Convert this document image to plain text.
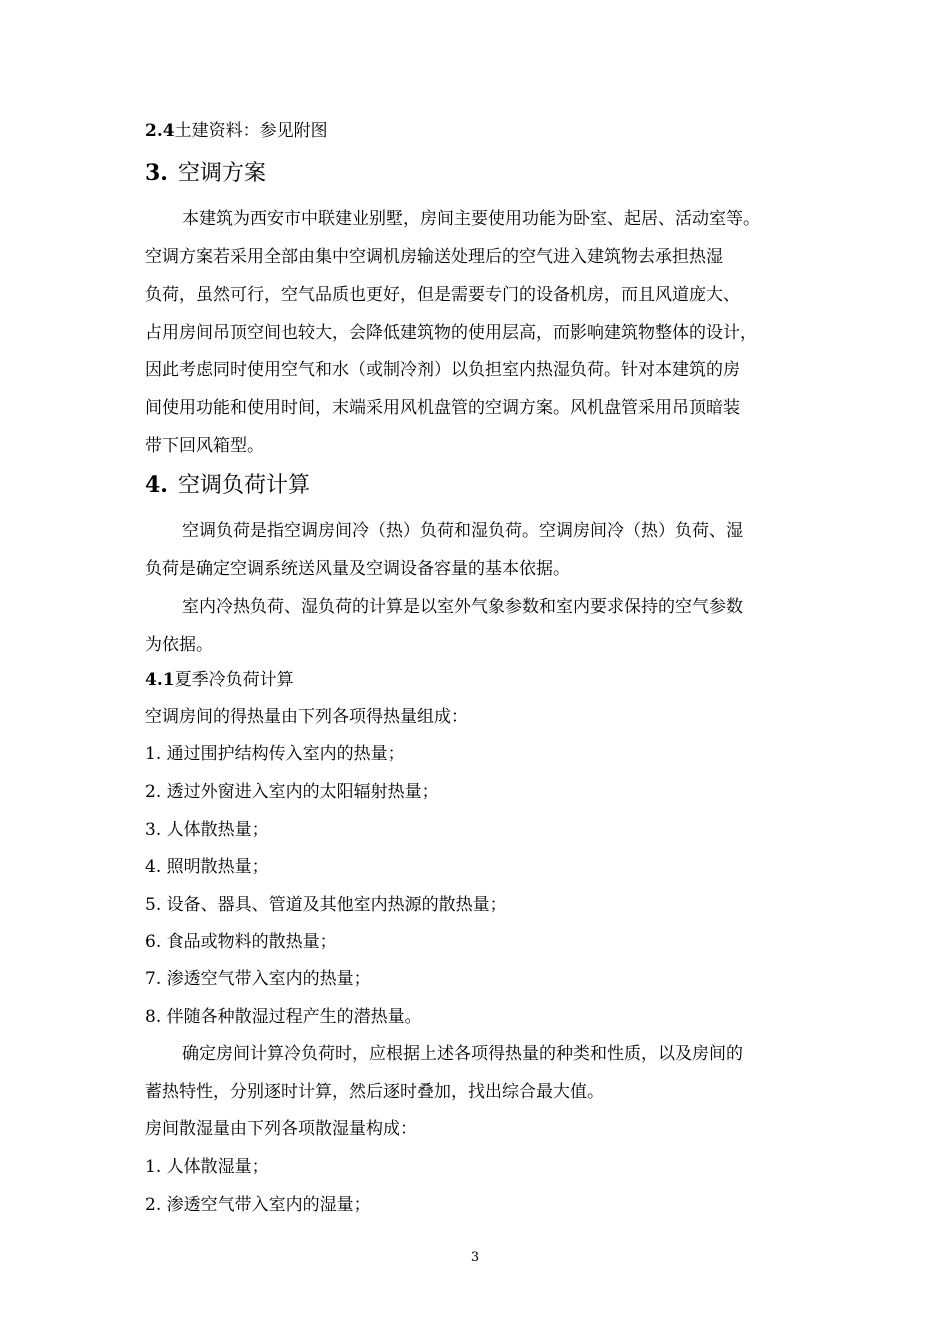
2.4土建资料：参见附图
3. 空调方案
本建筑为西安市中联建业别墅，房间主要使用功能为卧室、起居、活动室等。
空调方案若采用全部由集中空调机房输送处理后的空气进入建筑物去承担热湿
负荷，虽然可行，空气品质也更好，但是需要专门的设备机房，而且风道庞大、
占用房间吊顶空间也较大，会降低建筑物的使用层高，而影响建筑物整体的设计，
因此考虑同时使用空气和水（或制冷剂）以负担室内热湿负荷。针对本建筑的房
间使用功能和使用时间，末端采用风机盘管的空调方案。风机盘管采用吊顶暗装
带下回风箱型。
4. 空调负荷计算
空调负荷是指空调房间冷（热）负荷和湿负荷。空调房间冷（热）负荷、湿
负荷是确定空调系统送风量及空调设备容量的基本依据。
室内冷热负荷、湿负荷的计算是以室外气象参数和室内要求保持的空气参数
为依据。
4.1夏季冷负荷计算
空调房间的得热量由下列各项得热量组成：
1. 通过围护结构传入室内的热量；
2. 透过外窗进入室内的太阳辐射热量；
3. 人体散热量；
4. 照明散热量；
5. 设备、器具、管道及其他室内热源的散热量；
6. 食品或物料的散热量；
7. 渗透空气带入室内的热量；
8. 伴随各种散湿过程产生的潜热量。
确定房间计算冷负荷时，应根据上述各项得热量的种类和性质，以及房间的
蓄热特性，分别逐时计算，然后逐时叠加，找出综合最大值。
房间散湿量由下列各项散湿量构成：
1. 人体散湿量；
2. 渗透空气带入室内的湿量；
3
